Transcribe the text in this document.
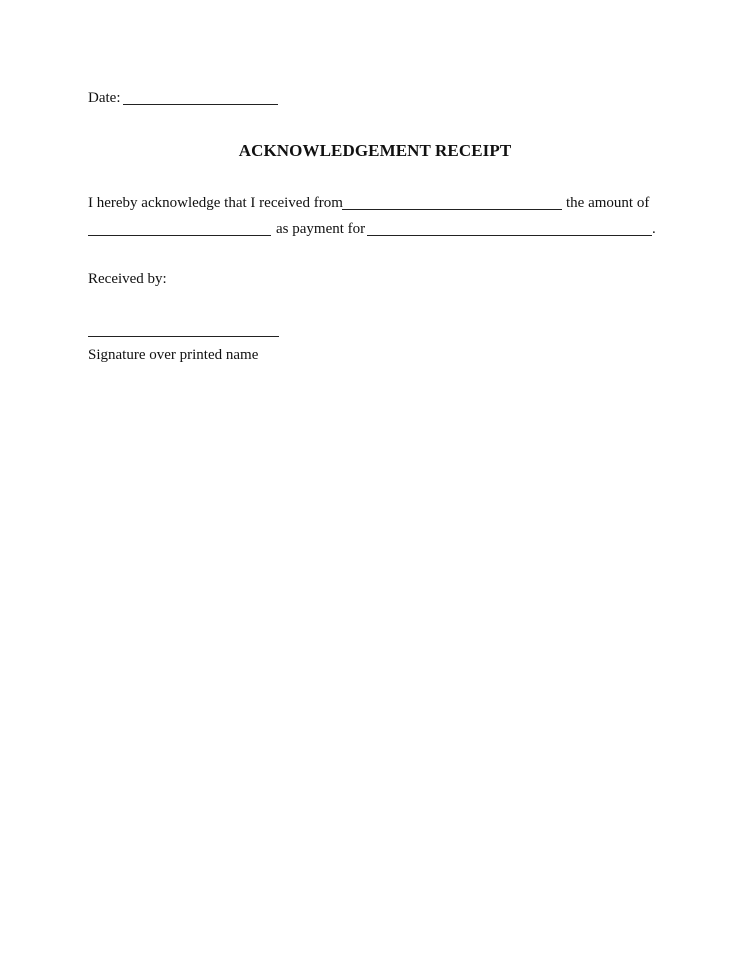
Date:
ACKNOWLEDGEMENT RECEIPT
I hereby acknowledge that I received from	the amount of
as payment for	.
Received by:
Signature over printed name
